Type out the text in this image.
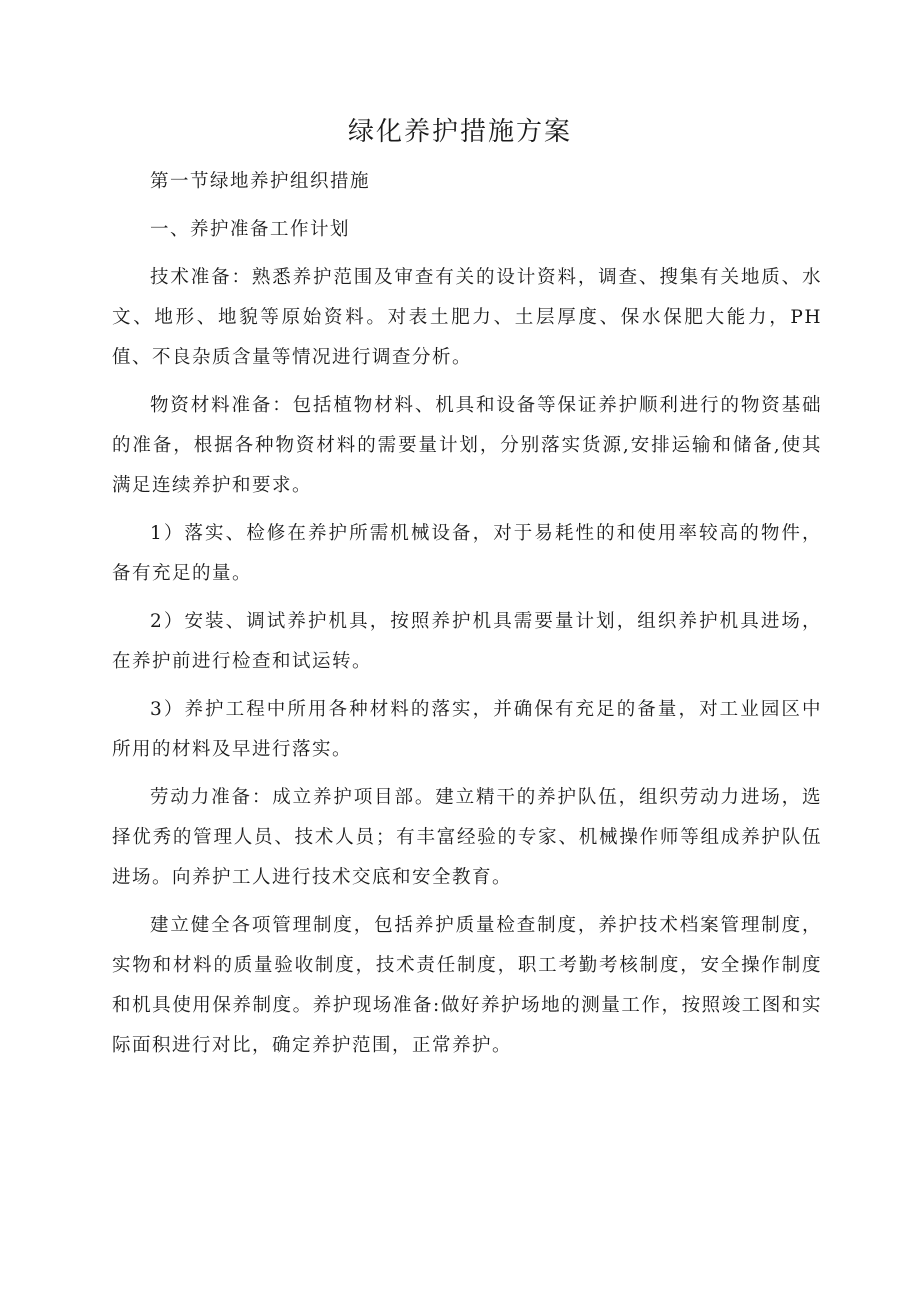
绿化养护措施方案

第一节绿地养护组织措施

一、养护准备工作计划

技术准备：熟悉养护范围及审查有关的设计资料，调查、搜集有关地质、水文、地形、地貌等原始资料。对表土肥力、土层厚度、保水保肥大能力，PH值、不良杂质含量等情况进行调查分析。

物资材料准备：包括植物材料、机具和设备等保证养护顺利进行的物资基础的准备，根据各种物资材料的需要量计划，分别落实货源,安排运输和储备,使其满足连续养护和要求。

1）落实、检修在养护所需机械设备，对于易耗性的和使用率较高的物件，备有充足的量。

2）安装、调试养护机具，按照养护机具需要量计划，组织养护机具进场，在养护前进行检查和试运转。

3）养护工程中所用各种材料的落实，并确保有充足的备量，对工业园区中所用的材料及早进行落实。

劳动力准备：成立养护项目部。建立精干的养护队伍，组织劳动力进场，选择优秀的管理人员、技术人员；有丰富经验的专家、机械操作师等组成养护队伍进场。向养护工人进行技术交底和安全教育。

建立健全各项管理制度，包括养护质量检查制度，养护技术档案管理制度，实物和材料的质量验收制度，技术责任制度，职工考勤考核制度，安全操作制度和机具使用保养制度。养护现场准备:做好养护场地的测量工作，按照竣工图和实际面积进行对比，确定养护范围，正常养护。
